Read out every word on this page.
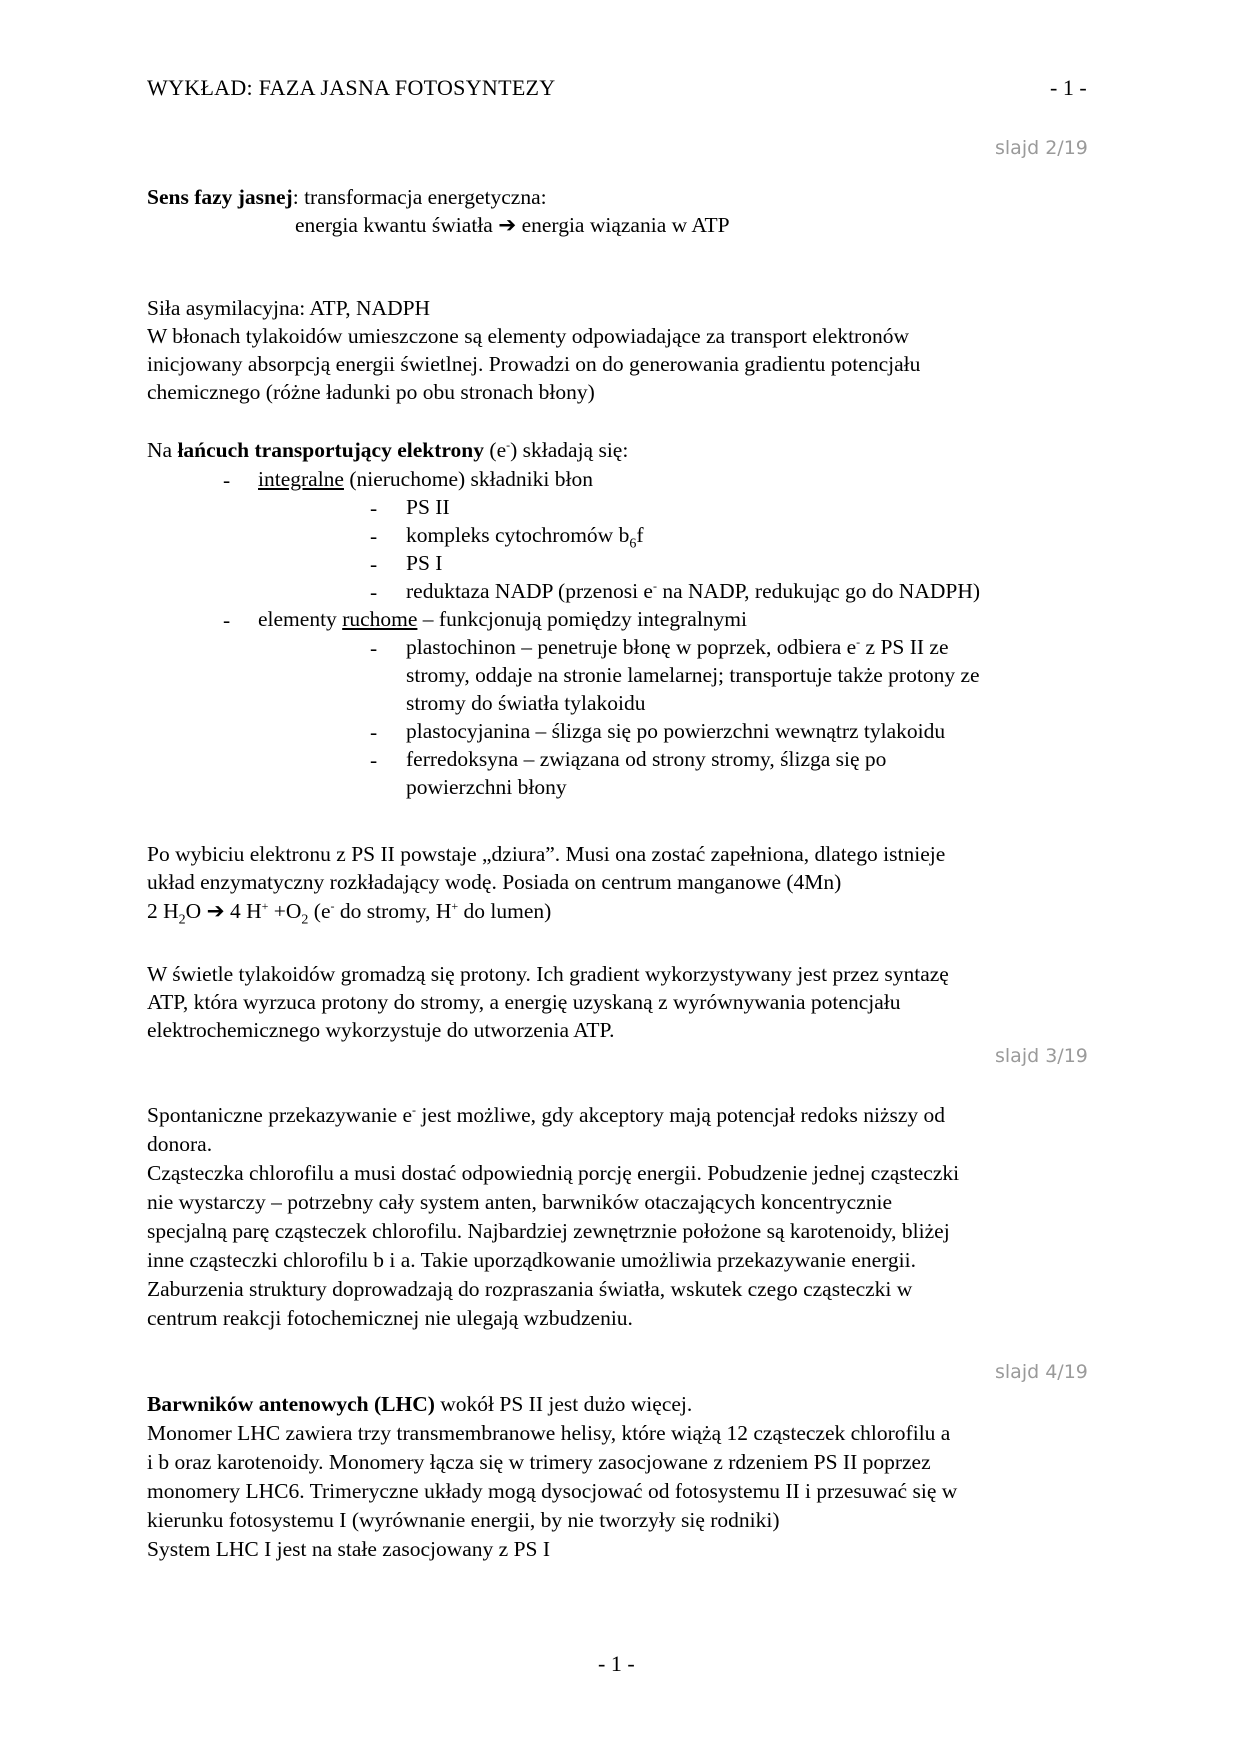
WYKŁAD: FAZA JASNA FOTOSYNTEZY	- 1 -
slajd 2/19
Sens fazy jasnej: transformacja energetyczna:
energia kwantu światła ➔ energia wiązania w ATP
Siła asymilacyjna: ATP, NADPH
W błonach tylakoidów umieszczone są elementy odpowiadające za transport elektronów
inicjowany absorpcją energii świetlnej. Prowadzi on do generowania gradientu potencjału
chemicznego (różne ładunki po obu stronach błony)
Na łańcuch transportujący elektrony (e-) składają się:
- integralne (nieruchome) składniki błon
- PS II
- kompleks cytochromów $b_6f$
- PS I
- reduktaza NADP (przenosi e- na NADP, redukując go do NADPH)
- elementy ruchome – funkcjonują pomiędzy integralnymi
- plastochinon – penetruje błonę w poprzek, odbiera e- z PS II ze
stromy, oddaje na stronie lamelarnej; transportuje także protony ze
stromy do światła tylakoidu
- plastocyjanina – ślizga się po powierzchni wewnątrz tylakoidu
- ferredoksyna – związana od strony stromy, ślizga się po
powierzchni błony
Po wybiciu elektronu z PS II powstaje „dziura”. Musi ona zostać zapełniona, dlatego istnieje
układ enzymatyczny rozkładający wodę. Posiada on centrum manganowe (4Mn)
2 $H_2O$ ➔ 4 $H^+ +O_2$ (e- do stromy, H+ do lumen)
W świetle tylakoidów gromadzą się protony. Ich gradient wykorzystywany jest przez syntazę
ATP, która wyrzuca protony do stromy, a energię uzyskaną z wyrównywania potencjału
elektrochemicznego wykorzystuje do utworzenia ATP.
slajd 3/19
Spontaniczne przekazywanie e- jest możliwe, gdy akceptory mają potencjał redoks niższy od
donora.
Cząsteczka chlorofilu a musi dostać odpowiednią porcję energii. Pobudzenie jednej cząsteczki
nie wystarczy – potrzebny cały system anten, barwników otaczających koncentrycznie
specjalną parę cząsteczek chlorofilu. Najbardziej zewnętrznie położone są karotenoidy, bliżej
inne cząsteczki chlorofilu b i a. Takie uporządkowanie umożliwia przekazywanie energii.
Zaburzenia struktury doprowadzają do rozpraszania światła, wskutek czego cząsteczki w
centrum reakcji fotochemicznej nie ulegają wzbudzeniu.
slajd 4/19
Barwników antenowych (LHC) wokół PS II jest dużo więcej.
Monomer LHC zawiera trzy transmembranowe helisy, które wiążą 12 cząsteczek chlorofilu a
i b oraz karotenoidy. Monomery łącza się w trimery zasocjowane z rdzeniem PS II poprzez
monomery LHC6. Trimeryczne układy mogą dysocjować od fotosystemu II i przesuwać się w
kierunku fotosystemu I (wyrównanie energii, by nie tworzyły się rodniki)
System LHC I jest na stałe zasocjowany z PS I
- 1 -
